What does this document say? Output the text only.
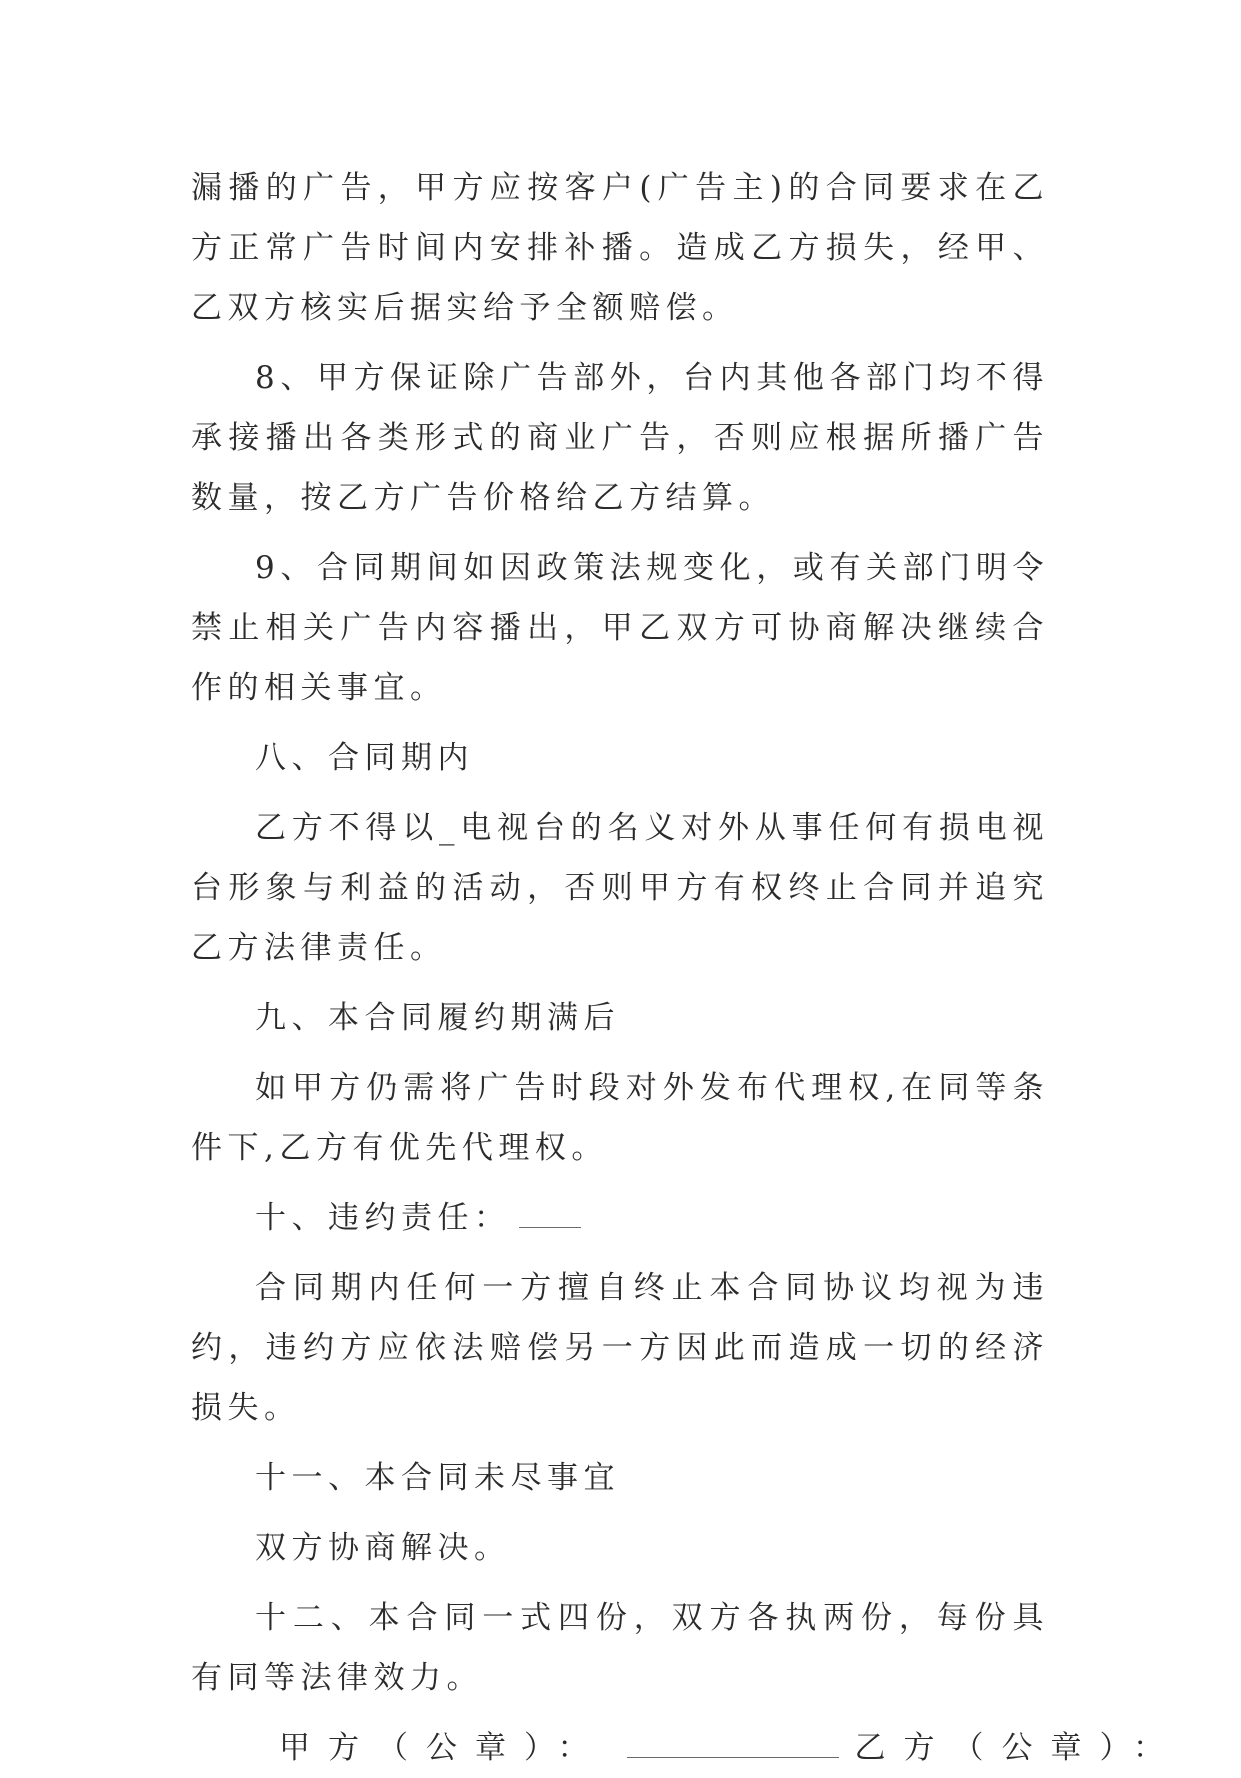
漏播的广告，甲方应按客户(广告主)的合同要求在乙方正常广告时间内安排补播。造成乙方损失，经甲、乙双方核实后据实给予全额赔偿。

8、甲方保证除广告部外，台内其他各部门均不得承接播出各类形式的商业广告，否则应根据所播广告数量，按乙方广告价格给乙方结算。

9、合同期间如因政策法规变化，或有关部门明令禁止相关广告内容播出，甲乙双方可协商解决继续合作的相关事宜。

八、合同期内

乙方不得以_电视台的名义对外从事任何有损电视台形象与利益的活动，否则甲方有权终止合同并追究乙方法律责任。

九、本合同履约期满后

如甲方仍需将广告时段对外发布代理权,在同等条件下,乙方有优先代理权。

十、违约责任：

合同期内任何一方擅自终止本合同协议均视为违约，违约方应依法赔偿另一方因此而造成一切的经济损失。

十一、本合同未尽事宜

双方协商解决。

十二、本合同一式四份，双方各执两份，每份具有同等法律效力。

甲方（公章）：	乙方（公章）：
